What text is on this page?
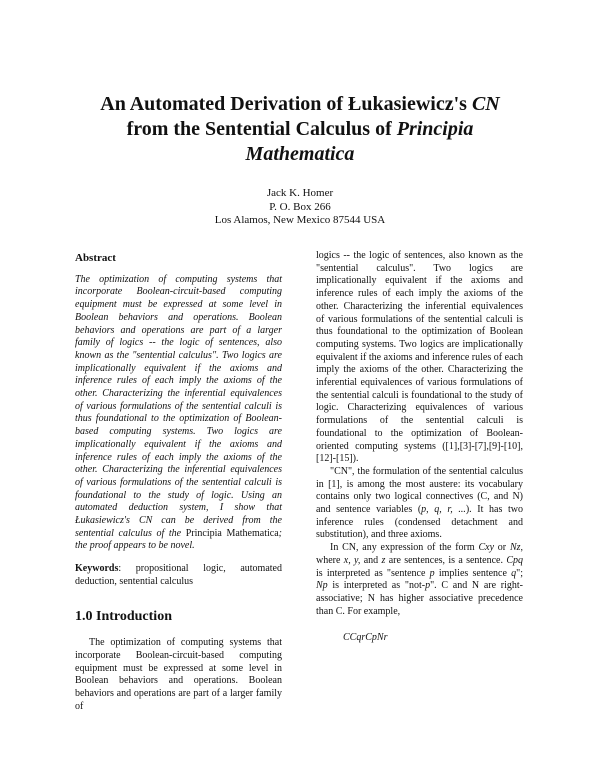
An Automated Derivation of Łukasiewicz's CN
from the Sentential Calculus of Principia
Mathematica
Jack K. Homer
P. O. Box 266
Los Alamos, New Mexico 87544 USA
Abstract

The optimization of computing systems that incorporate Boolean-circuit-based computing equipment must be expressed at some level in Boolean behaviors and operations. Boolean behaviors and operations are part of a larger family of logics -- the logic of sentences, also known as the "sentential calculus". Two logics are implicationally equivalent if the axioms and inference rules of each imply the axioms of the other. Characterizing the inferential equivalences of various formulations of the sentential calculi is thus foundational to the optimization of Boolean-based computing systems. Two logics are implicationally equivalent if the axioms and inference rules of each imply the axioms of the other. Characterizing the inferential equivalences of various formulations of the sentential calculi is foundational to the study of logic. Using an automated deduction system, I show that Łukasiewicz's CN can be derived from the sentential calculus of the Principia Mathematica; the proof appears to be novel.

Keywords: propositional logic, automated deduction, sentential calculus

1.0 Introduction

The optimization of computing systems that incorporate Boolean-circuit-based computing equipment must be expressed at some level in Boolean behaviors and operations. Boolean behaviors and operations are part of a larger family of

logics -- the logic of sentences, also known as the "sentential calculus". Two logics are implicationally equivalent if the axioms and inference rules of each imply the axioms of the other. Characterizing the inferential equivalences of various formulations of the sentential calculi is thus foundational to the optimization of Boolean computing systems. Two logics are implicationally equivalent if the axioms and inference rules of each imply the axioms of the other. Characterizing the inferential equivalences of various formulations of the sentential calculi is foundational to the study of logic. Characterizing equivalences of various formulations of the sentential calculi is foundational to the optimization of Boolean-oriented computing systems ([1],[3]-[7],[9]-[10],[12]-[15]).

"CN", the formulation of the sentential calculus in [1], is among the most austere: its vocabulary contains only two logical connectives (C, and N) and sentence variables (p, q, r, ...). It has two inference rules (condensed detachment and substitution), and three axioms.

In CN, any expression of the form Cxy or Nz, where x, y, and z are sentences, is a sentence. Cpq is interpreted as "sentence p implies sentence q"; Np is interpreted as "not-p". C and N are right-associative; N has higher associative precedence than C. For example,

CCqrCpNr
